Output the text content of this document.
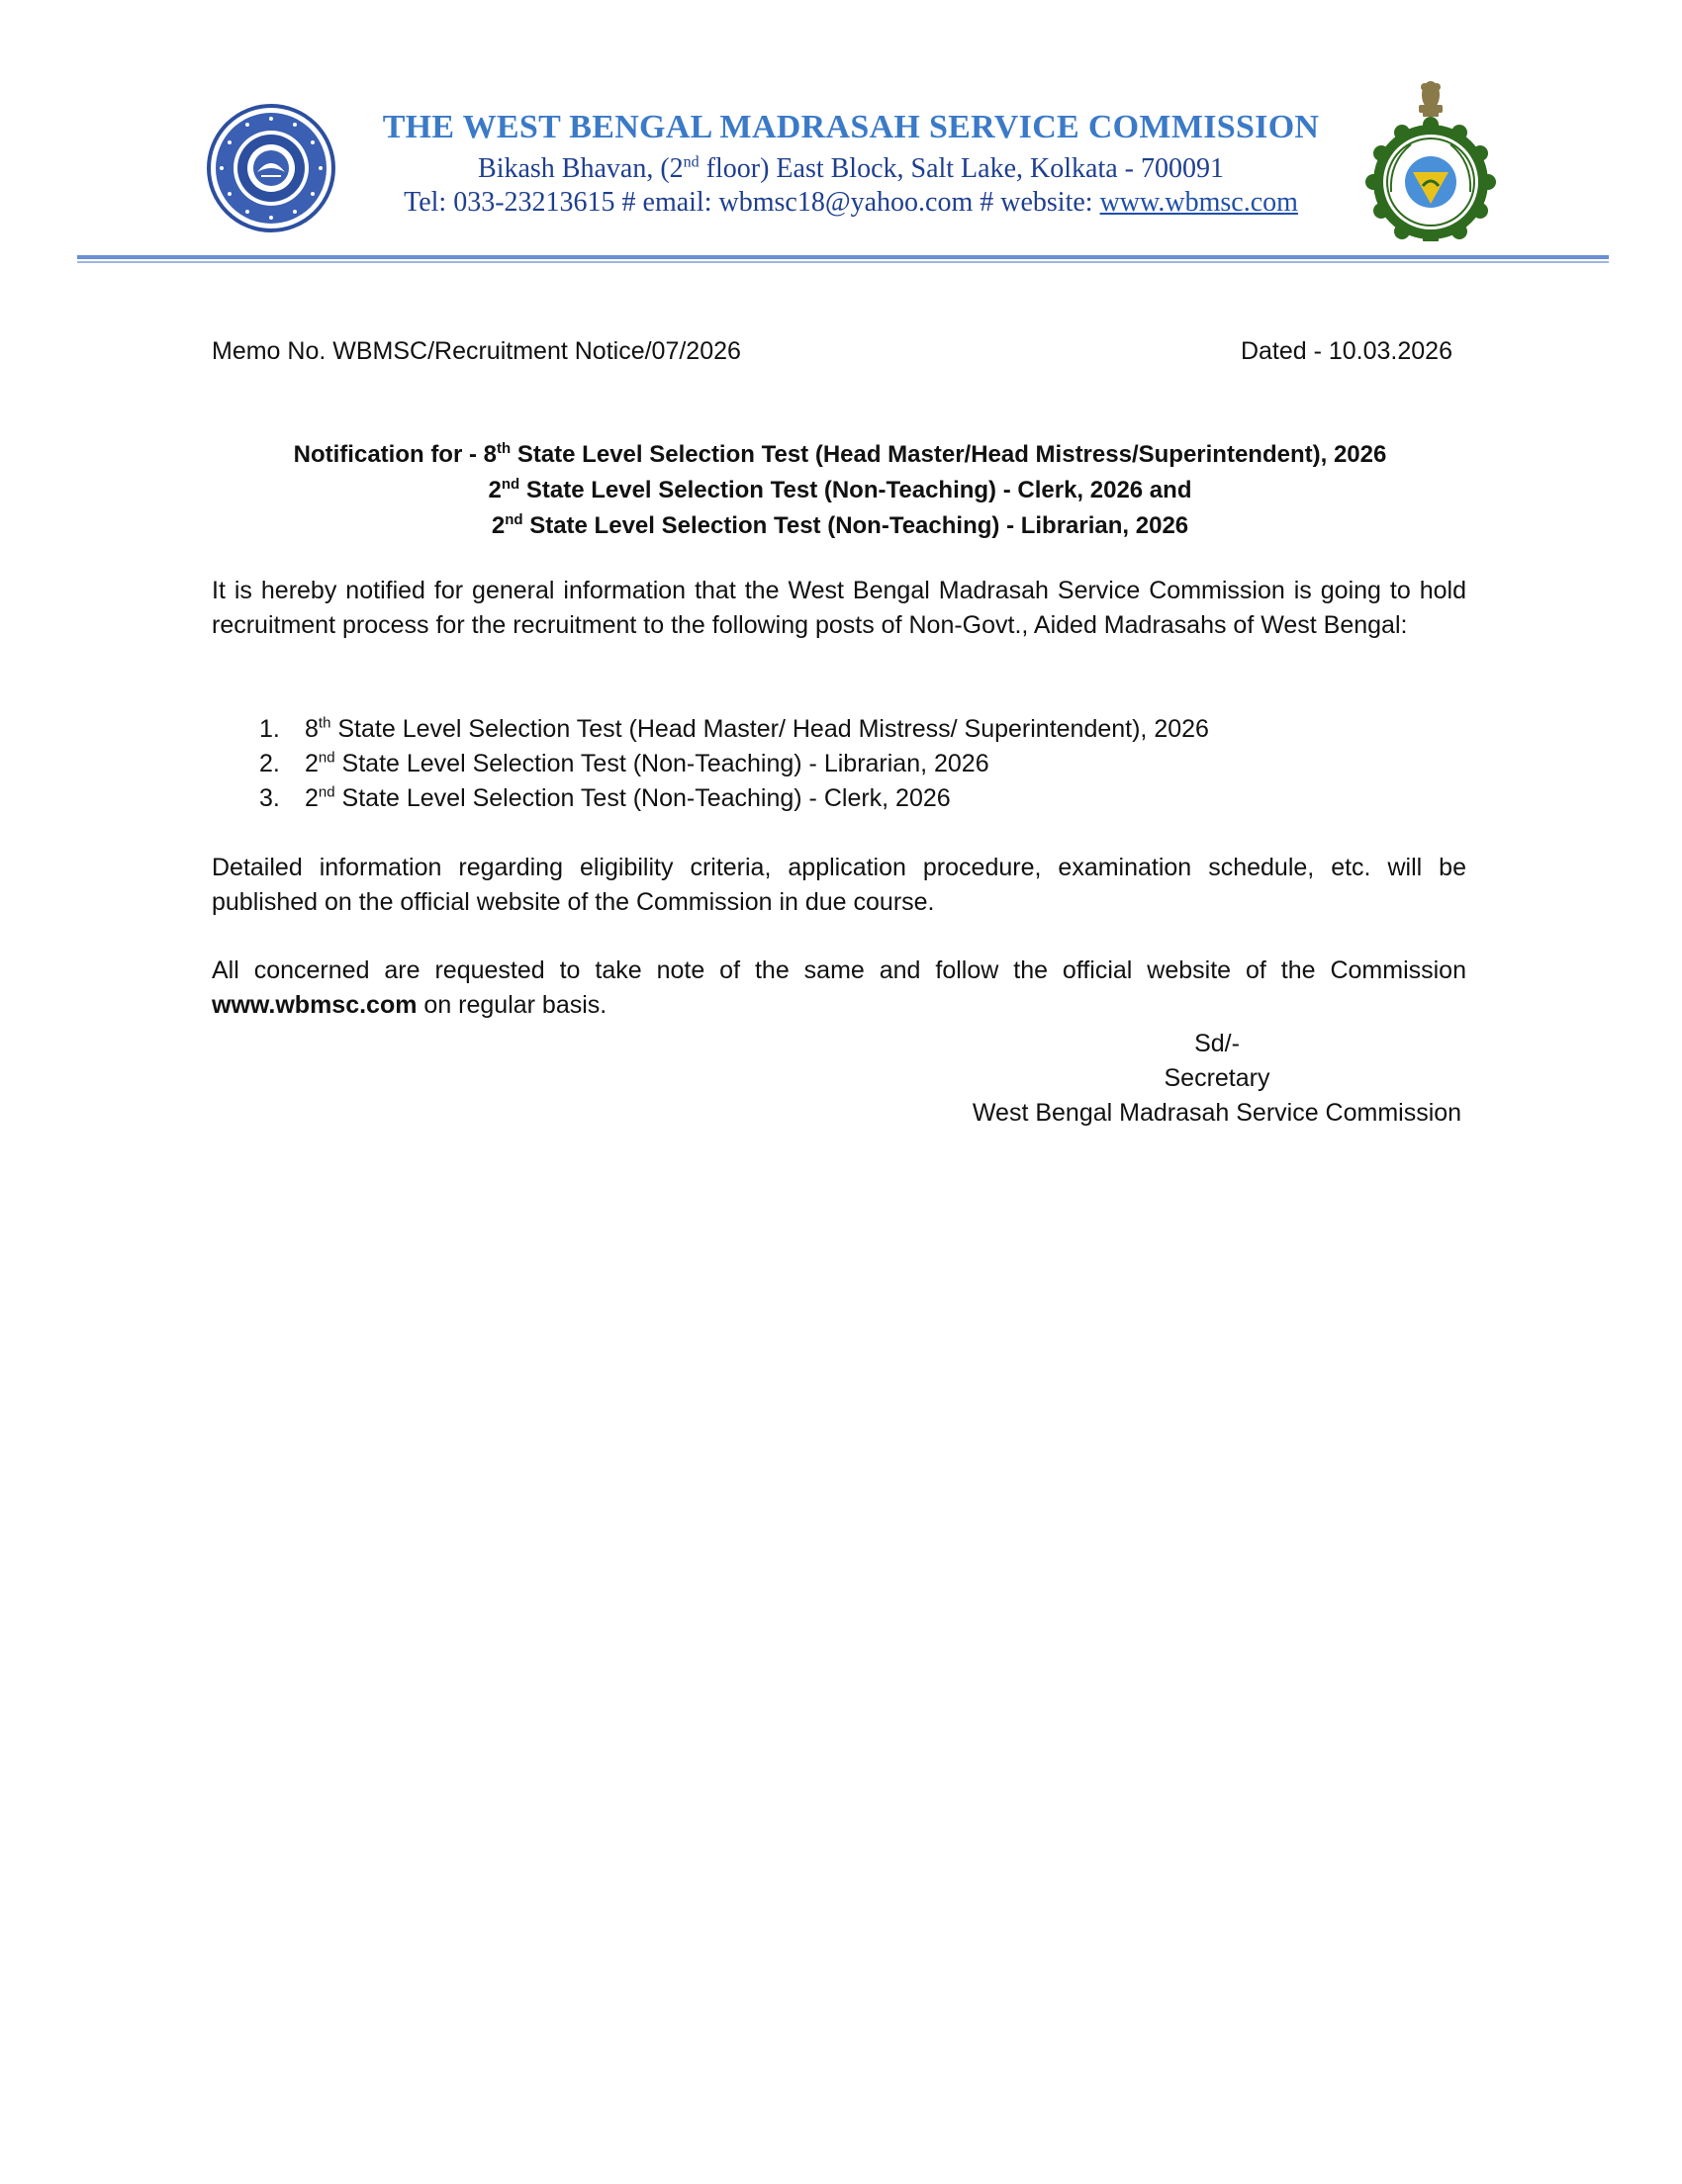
THE WEST BENGAL MADRASAH SERVICE COMMISSION
Bikash Bhavan, (2nd floor) East Block, Salt Lake, Kolkata - 700091
Tel: 033-23213615 # email: wbmsc18@yahoo.com # website: www.wbmsc.com
Memo No. WBMSC/Recruitment Notice/07/2026	Dated - 10.03.2026
Notification for - 8th State Level Selection Test (Head Master/Head Mistress/Superintendent), 2026
2nd State Level Selection Test (Non-Teaching) - Clerk, 2026 and
2nd State Level Selection Test (Non-Teaching) - Librarian, 2026
It is hereby notified for general information that the West Bengal Madrasah Service Commission is going to hold recruitment process for the recruitment to the following posts of Non-Govt., Aided Madrasahs of West Bengal:
1. 8th State Level Selection Test (Head Master/ Head Mistress/ Superintendent), 2026
2. 2nd State Level Selection Test (Non-Teaching) - Librarian, 2026
3. 2nd State Level Selection Test (Non-Teaching) - Clerk, 2026
Detailed information regarding eligibility criteria, application procedure, examination schedule, etc. will be published on the official website of the Commission in due course.
All concerned are requested to take note of the same and follow the official website of the Commission www.wbmsc.com on regular basis.
Sd/-
Secretary
West Bengal Madrasah Service Commission
